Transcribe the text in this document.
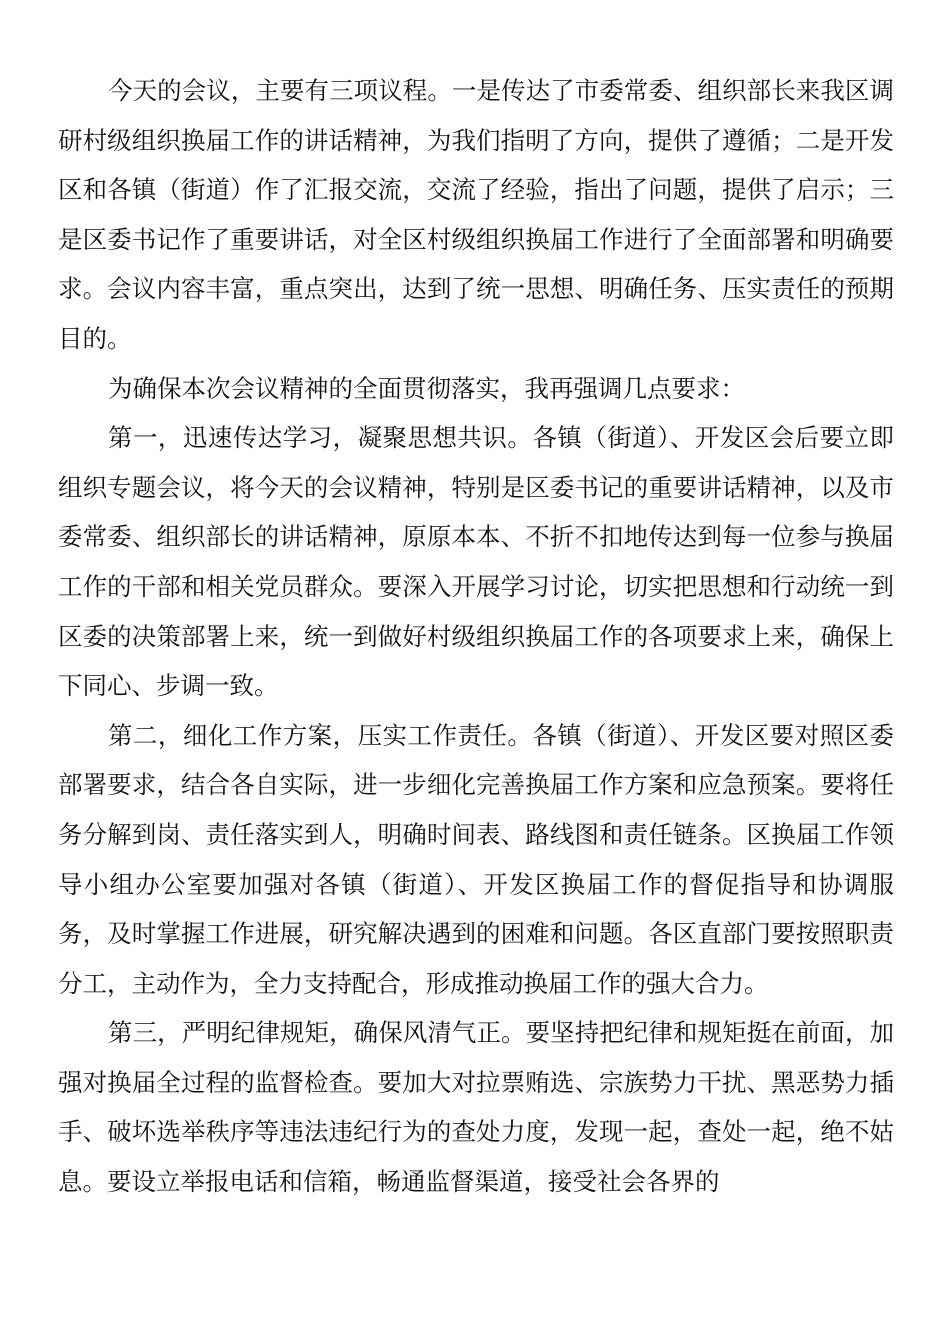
今天的会议，主要有三项议程。一是传达了市委常委、组织部长来我区调研村级组织换届工作的讲话精神，为我们指明了方向，提供了遵循；二是开发区和各镇（街道）作了汇报交流，交流了经验，指出了问题，提供了启示；三是区委书记作了重要讲话，对全区村级组织换届工作进行了全面部署和明确要求。会议内容丰富，重点突出，达到了统一思想、明确任务、压实责任的预期目的。

为确保本次会议精神的全面贯彻落实，我再强调几点要求：

第一，迅速传达学习，凝聚思想共识。各镇（街道）、开发区会后要立即组织专题会议，将今天的会议精神，特别是区委书记的重要讲话精神，以及市委常委、组织部长的讲话精神，原原本本、不折不扣地传达到每一位参与换届工作的干部和相关党员群众。要深入开展学习讨论，切实把思想和行动统一到区委的决策部署上来，统一到做好村级组织换届工作的各项要求上来，确保上下同心、步调一致。

第二，细化工作方案，压实工作责任。各镇（街道）、开发区要对照区委部署要求，结合各自实际，进一步细化完善换届工作方案和应急预案。要将任务分解到岗、责任落实到人，明确时间表、路线图和责任链条。区换届工作领导小组办公室要加强对各镇（街道）、开发区换届工作的督促指导和协调服务，及时掌握工作进展，研究解决遇到的困难和问题。各区直部门要按照职责分工，主动作为，全力支持配合，形成推动换届工作的强大合力。

第三，严明纪律规矩，确保风清气正。要坚持把纪律和规矩挺在前面，加强对换届全过程的监督检查。要加大对拉票贿选、宗族势力干扰、黑恶势力插手、破坏选举秩序等违法违纪行为的查处力度，发现一起，查处一起，绝不姑息。要设立举报电话和信箱，畅通监督渠道，接受社会各界的
